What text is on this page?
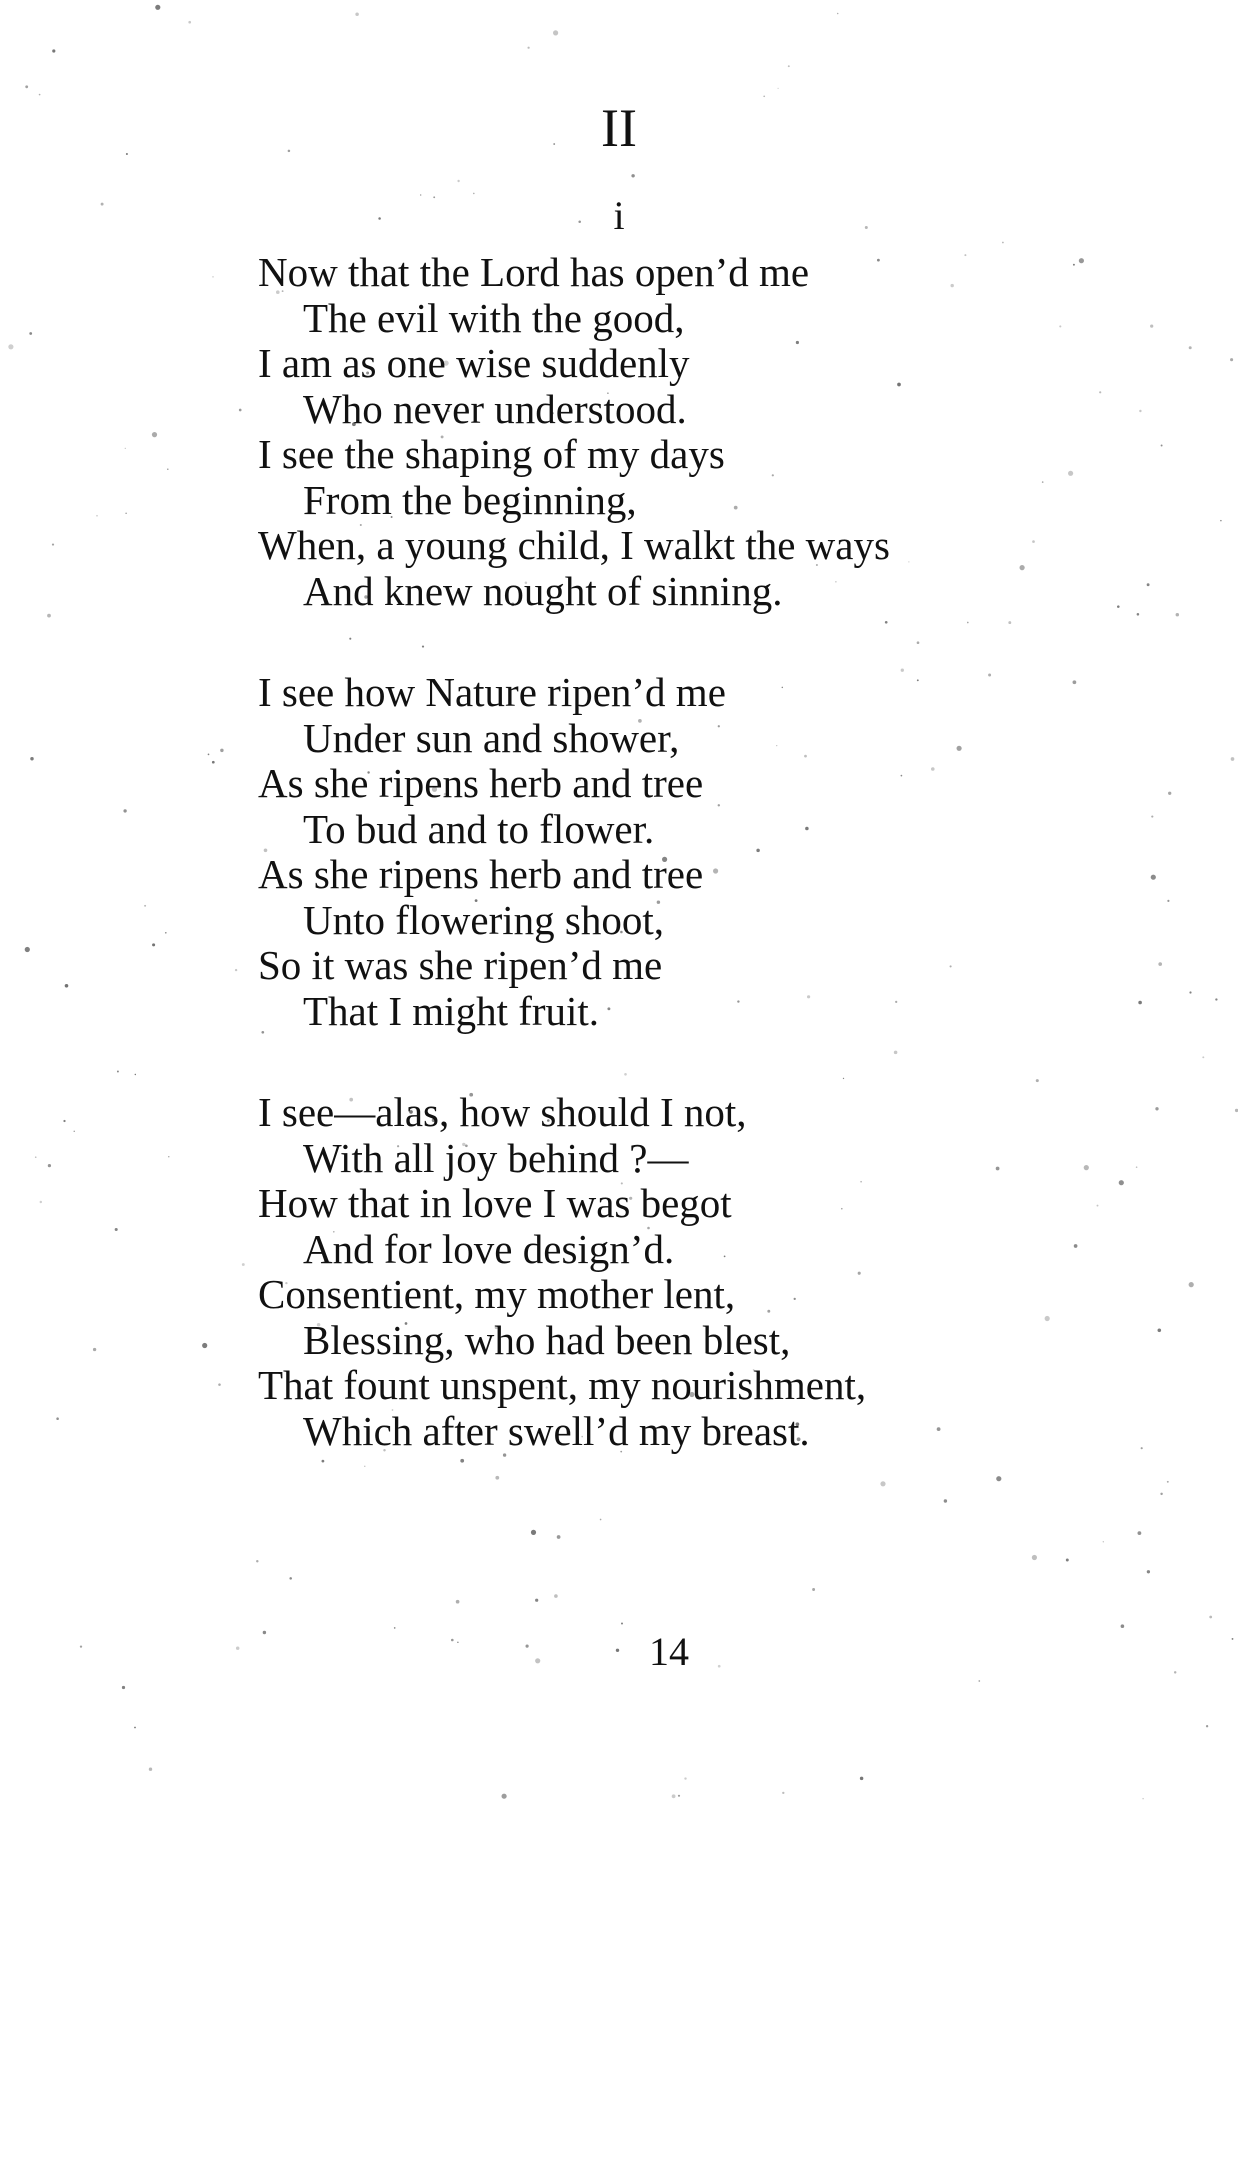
II
i
Now that the Lord has open’d me
The evil with the good,
I am as one wise suddenly
Who never understood.
I see the shaping of my days
From the beginning,
When, a young child, I walkt the ways
And knew nought of sinning.
I see how Nature ripen’d me
Under sun and shower,
As she ripens herb and tree
To bud and to flower.
As she ripens herb and tree
Unto flowering shoot,
So it was she ripen’d me
That I might fruit.
I see—alas, how should I not,
With all joy behind ?—
How that in love I was begot
And for love design’d.
Consentient, my mother lent,
Blessing, who had been blest,
That fount unspent, my nourishment,
Which after swell’d my breast.
14
